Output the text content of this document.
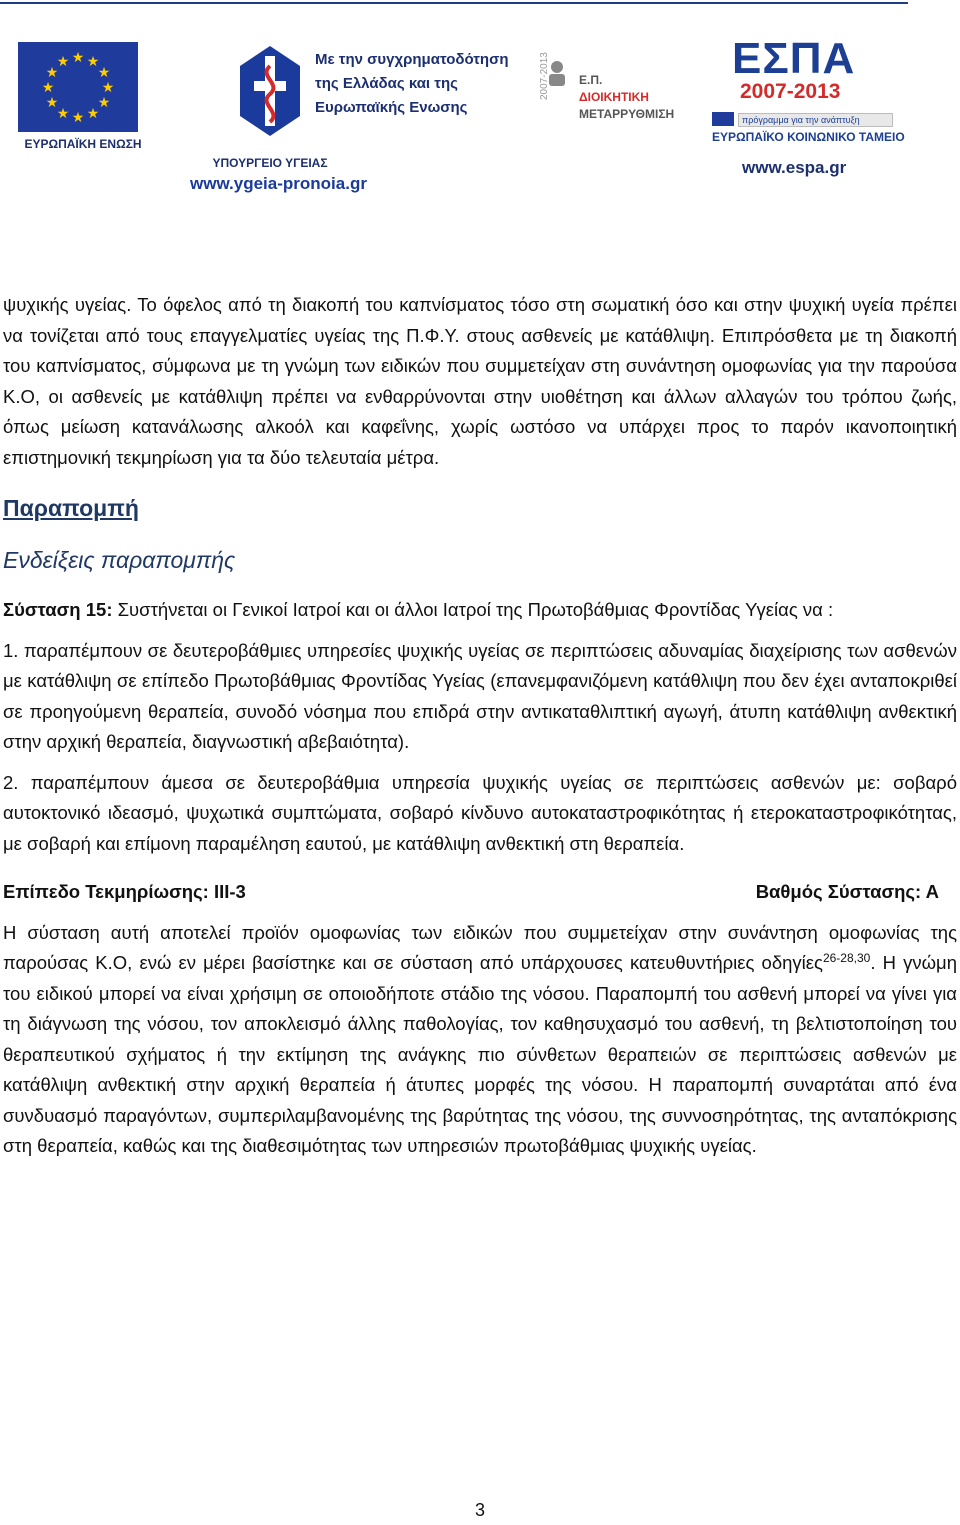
★ ★
★
★
★
★
★
★
★
★
★
★
ΕΥΡΩΠΑΪΚΗ ΕΝΩΣΗ
Με την συγχρηματοδότηση
της Ελλάδας και της
Ευρωπαϊκής Ενωσης
ΥΠΟΥΡΓΕΙΟ ΥΓΕΙΑΣ
www.ygeia-pronoia.gr
2007-2013 Ε.Π.
ΔΙΟΙΚΗΤΙΚΗ
ΜΕΤΑΡΡΥΘΜΙΣΗ
ΕΣΠΑ
2007-2013
πρόγραμμα για την ανάπτυξη
ΕΥΡΩΠΑΪΚΟ ΚΟΙΝΩΝΙΚΟ ΤΑΜΕΙΟ
www.espa.gr

ψυχικής υγείας. Το όφελος από τη διακοπή του καπνίσματος τόσο στη σωματική όσο και στην ψυχική υγεία πρέπει να τονίζεται από τους επαγγελματίες υγείας της Π.Φ.Υ. στους ασθενείς με κατάθλιψη. Επιπρόσθετα με τη διακοπή του καπνίσματος, σύμφωνα με τη γνώμη των ειδικών που συμμετείχαν στη συνάντηση ομοφωνίας για την παρούσα Κ.Ο, οι ασθενείς με κατάθλιψη πρέπει να ενθαρρύνονται στην υιοθέτηση και άλλων αλλαγών του τρόπου ζωής, όπως μείωση κατανάλωσης αλκοόλ και καφεΐνης, χωρίς ωστόσο να υπάρχει προς το παρόν ικανοποιητική επιστημονική τεκμηρίωση για τα δύο τελευταία μέτρα.

Παραπομπή

Ενδείξεις παραπομπής

Σύσταση 15: Συστήνεται οι Γενικοί Ιατροί και οι άλλοι Ιατροί της Πρωτοβάθμιας Φροντίδας Υγείας να :

1. παραπέμπουν σε δευτεροβάθμιες υπηρεσίες ψυχικής υγείας σε περιπτώσεις αδυναμίας διαχείρισης των ασθενών με κατάθλιψη σε επίπεδο Πρωτοβάθμιας Φροντίδας Υγείας (επανεμφανιζόμενη κατάθλιψη που δεν έχει ανταποκριθεί σε προηγούμενη θεραπεία, συνοδό νόσημα που επιδρά στην αντικαταθλιπτική αγωγή, άτυπη κατάθλιψη ανθεκτική στην αρχική θεραπεία, διαγνωστική αβεβαιότητα).

2. παραπέμπουν άμεσα σε δευτεροβάθμια υπηρεσία ψυχικής υγείας σε περιπτώσεις ασθενών με: σοβαρό αυτοκτονικό ιδεασμό, ψυχωτικά συμπτώματα, σοβαρό κίνδυνο αυτοκαταστροφικότητας ή ετεροκαταστροφικότητας, με σοβαρή και επίμονη παραμέληση εαυτού, με κατάθλιψη ανθεκτική στη θεραπεία.

Επίπεδο Τεκμηρίωσης: ΙΙΙ-3	Βαθμός Σύστασης: Α

Η σύσταση αυτή αποτελεί προϊόν ομοφωνίας των ειδικών που συμμετείχαν στην συνάντηση ομοφωνίας της παρούσας Κ.Ο, ενώ εν μέρει βασίστηκε και σε σύσταση από υπάρχουσες κατευθυντήριες οδηγίες$^{26-28,30}$. Η γνώμη του ειδικού μπορεί να είναι χρήσιμη σε οποιοδήποτε στάδιο της νόσου. Παραπομπή του ασθενή μπορεί να γίνει για τη διάγνωση της νόσου, τον αποκλεισμό άλλης παθολογίας, τον καθησυχασμό του ασθενή, τη βελτιστοποίηση του θεραπευτικού σχήματος ή την εκτίμηση της ανάγκης πιο σύνθετων θεραπειών σε περιπτώσεις ασθενών με κατάθλιψη ανθεκτική στην αρχική θεραπεία ή άτυπες μορφές της νόσου. Η παραπομπή συναρτάται από ένα συνδυασμό παραγόντων, συμπεριλαμβανομένης της βαρύτητας της νόσου, της συννοσηρότητας, της ανταπόκρισης στη θεραπεία, καθώς και της διαθεσιμότητας των υπηρεσιών πρωτοβάθμιας ψυχικής υγείας.

3
